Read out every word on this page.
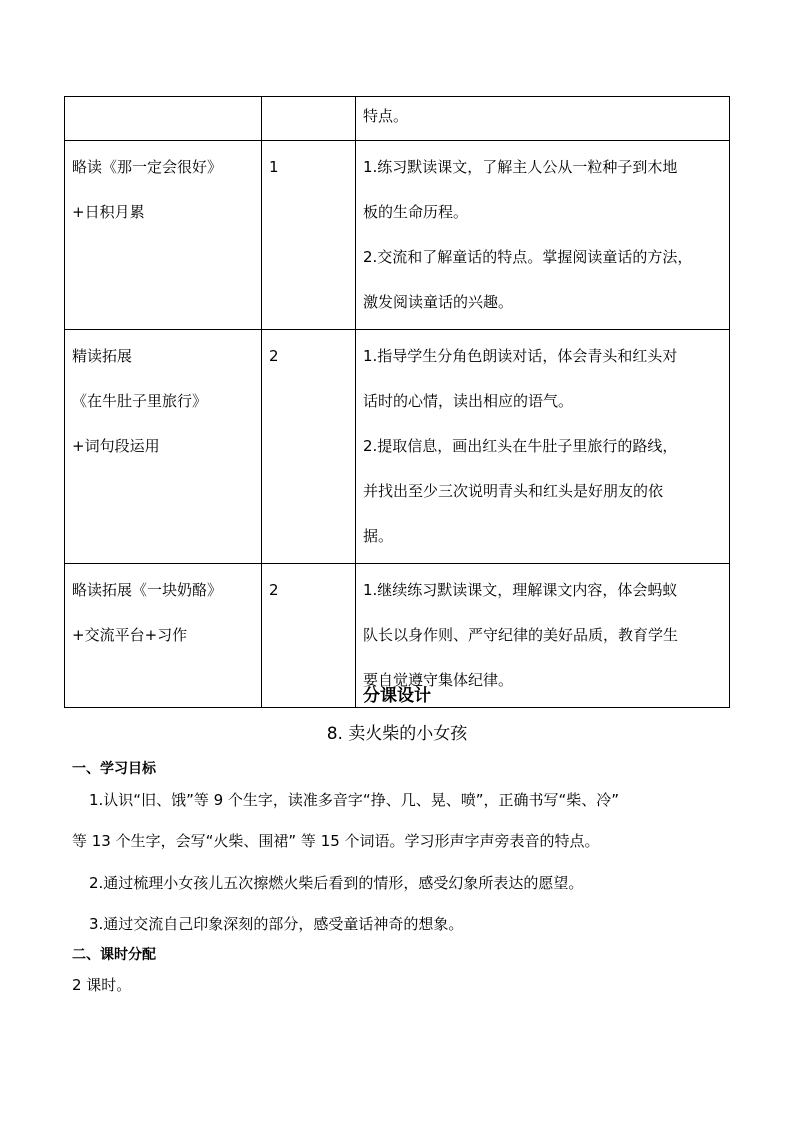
		特点。

略读《那一定会很好》
+日积月累	1	1.练习默读课文，了解主人公从一粒种子到木地
板的生命历程。
2.交流和了解童话的特点。掌握阅读童话的方法，
激发阅读童话的兴趣。

精读拓展
《在牛肚子里旅行》
+词句段运用	2	1.指导学生分角色朗读对话，体会青头和红头对
话时的心情，读出相应的语气。
2.提取信息，画出红头在牛肚子里旅行的路线，
并找出至少三次说明青头和红头是好朋友的依
据。

略读拓展《一块奶酪》
+交流平台+习作	2	1.继续练习默读课文，理解课文内容，体会蚂蚁
队长以身作则、严守纪律的美好品质，教育学生
要自觉遵守集体纪律。
分课设计
8. 卖火柴的小女孩
一、学习目标
1.认识“旧、饿”等 9 个生字，读准多音字“挣、几、晃、喷”，正确书写“柴、冷”
等 13 个生字，会写“火柴、围裙” 等 15 个词语。学习形声字声旁表音的特点。
2.通过梳理小女孩儿五次擦燃火柴后看到的情形，感受幻象所表达的愿望。
3.通过交流自己印象深刻的部分，感受童话神奇的想象。
二、课时分配
2 课时。
